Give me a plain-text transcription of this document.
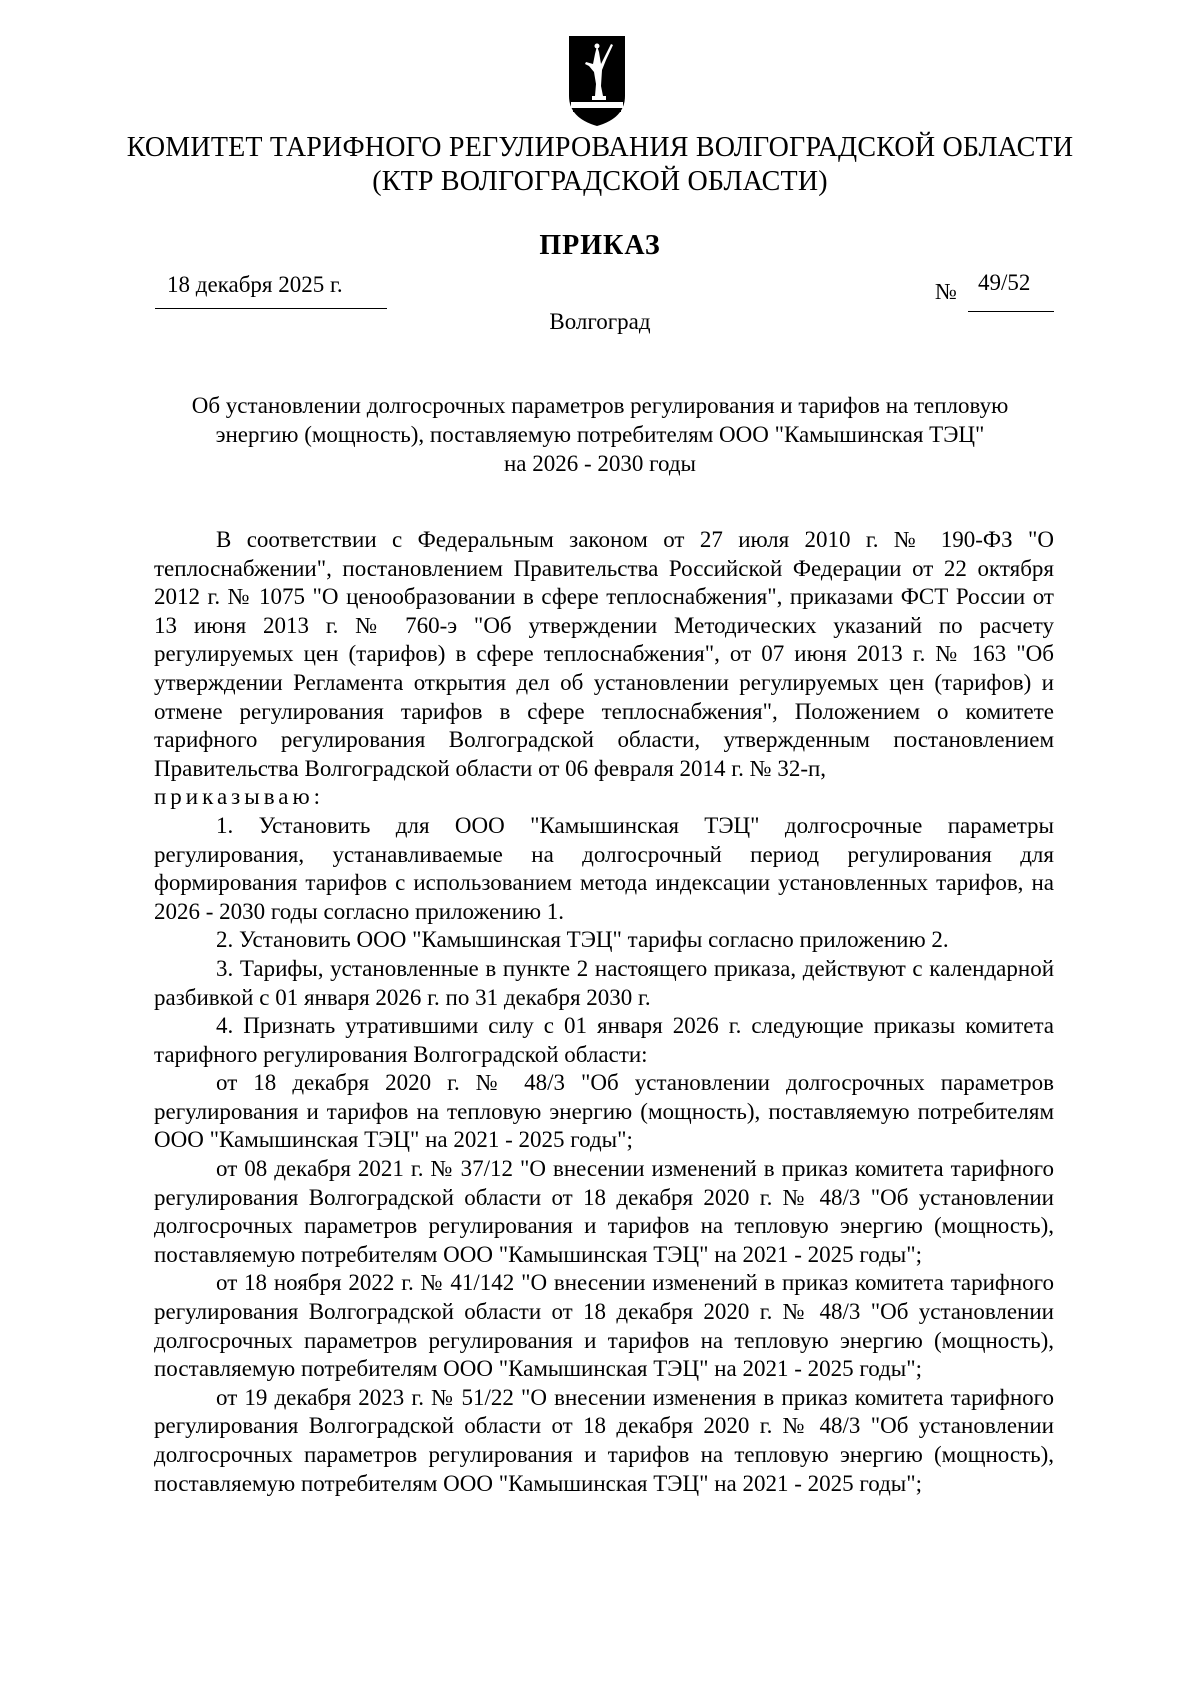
КОМИТЕТ ТАРИФНОГО РЕГУЛИРОВАНИЯ ВОЛГОГРАДСКОЙ ОБЛАСТИ
(КТР ВОЛГОГРАДСКОЙ ОБЛАСТИ)
ПРИКАЗ
18 декабря 2025 г.	№ 49/52
Волгоград
Об установлении долгосрочных параметров регулирования и тарифов на тепловую
энергию (мощность), поставляемую потребителям ООО "Камышинская ТЭЦ"
на 2026 - 2030 годы

В соответствии с Федеральным законом от 27 июля 2010 г. № 190-ФЗ "О теплоснабжении", постановлением Правительства Российской Федерации от 22 октября 2012 г. № 1075 "О ценообразовании в сфере теплоснабжения", приказами ФСТ России от 13 июня 2013 г. № 760-э "Об утверждении Методических указаний по расчету регулируемых цен (тарифов) в сфере теплоснабжения", от 07 июня 2013 г. № 163 "Об утверждении Регламента открытия дел об установлении регулируемых цен (тарифов) и отмене регулирования тарифов в сфере теплоснабжения", Положением о комитете тарифного регулирования Волгоградской области, утвержденным постановлением Правительства Волгоградской области от 06 февраля 2014 г. № 32-п,

приказываю:

1. Установить для ООО "Камышинская ТЭЦ" долгосрочные параметры регулирования, устанавливаемые на долгосрочный период регулирования для формирования тарифов с использованием метода индексации установленных тарифов, на 2026 - 2030 годы согласно приложению 1.

2. Установить ООО "Камышинская ТЭЦ" тарифы согласно приложению 2.

3. Тарифы, установленные в пункте 2 настоящего приказа, действуют с календарной разбивкой с 01 января 2026 г. по 31 декабря 2030 г.

4. Признать утратившими силу с 01 января 2026 г. следующие приказы комитета тарифного регулирования Волгоградской области:

от 18 декабря 2020 г. № 48/3 "Об установлении долгосрочных параметров регулирования и тарифов на тепловую энергию (мощность), поставляемую потребителям ООО "Камышинская ТЭЦ" на 2021 - 2025 годы";

от 08 декабря 2021 г. № 37/12 "О внесении изменений в приказ комитета тарифного регулирования Волгоградской области от 18 декабря 2020 г. № 48/3 "Об установлении долгосрочных параметров регулирования и тарифов на тепловую энергию (мощность), поставляемую потребителям ООО "Камышинская ТЭЦ" на 2021 - 2025 годы";

от 18 ноября 2022 г. № 41/142 "О внесении изменений в приказ комитета тарифного регулирования Волгоградской области от 18 декабря 2020 г. № 48/3 "Об установлении долгосрочных параметров регулирования и тарифов на тепловую энергию (мощность), поставляемую потребителям ООО "Камышинская ТЭЦ" на 2021 - 2025 годы";

от 19 декабря 2023 г. № 51/22 "О внесении изменения в приказ комитета тарифного регулирования Волгоградской области от 18 декабря 2020 г. № 48/3 "Об установлении долгосрочных параметров регулирования и тарифов на тепловую энергию (мощность), поставляемую потребителям ООО "Камышинская ТЭЦ" на 2021 - 2025 годы";
